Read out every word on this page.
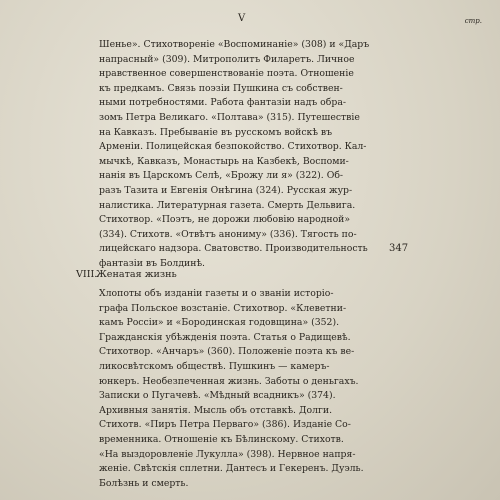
V	стр.
Шенье». Стихотвореніе «Воспоминаніе» (308) и «Даръ
напрасный» (309). Митрополитъ Филаретъ. Личное
нравственное совершенствованіе поэта. Отношеніе
къ предкамъ. Связь поэзіи Пушкина съ собствен-
ными потребностями. Работа фантазіи надъ обра-
зомъ Петра Великаго. «Полтава» (315). Путешествіе
на Кавказъ. Пребываніе въ русскомъ войскѣ въ
Арменіи. Полицейская безпокойство. Стихотвор. Кал-
мычкѣ, Кавказъ, Монастырь на Казбекѣ, Воспоми-
нанія въ Царскомъ Селѣ, «Брожу ли я» (322). Об-
разъ Тазита и Евгенія Онѣгина (324). Русская жур-
налистика. Литературная газета. Смерть Дельвига.
Стихотвор. «Поэтъ, не дорожи любовію народной»
(334). Стихотв. «Отвѣтъ анониму» (336). Тягость по-
лицейскаго надзора. Сватовство. Производительность
фантазіи въ Болдинѣ.
VIII.
Женатая жизнь
347
Хлопоты объ изданіи газеты и о званіи исторіо-
графа Польское возстаніе. Стихотвор. «Клеветни-
камъ Россіи» и «Бородинская годовщина» (352).
Гражданскія убѣжденія поэта. Статья о Радищевѣ.
Стихотвор. «Анчаръ» (360). Положеніе поэта къ ве-
ликосвѣтскомъ обществѣ. Пушкинъ — камеръ-
юнкеръ. Необезпеченная жизнь. Заботы о деньгахъ.
Записки о Пугачевѣ. «Мѣдный всадникъ» (374).
Архивныя занятія. Мысль объ отставкѣ. Долги.
Стихотв. «Пиръ Петра Перваго» (386). Изданіе Со-
временника. Отношеніе къ Бѣлинскому. Стихотв.
«На выздоровленіе Лукулла» (398). Нервное напря-
женіе. Свѣтскія сплетни. Дантесъ и Гекеренъ. Дуэль.
Болѣзнь и смерть.
